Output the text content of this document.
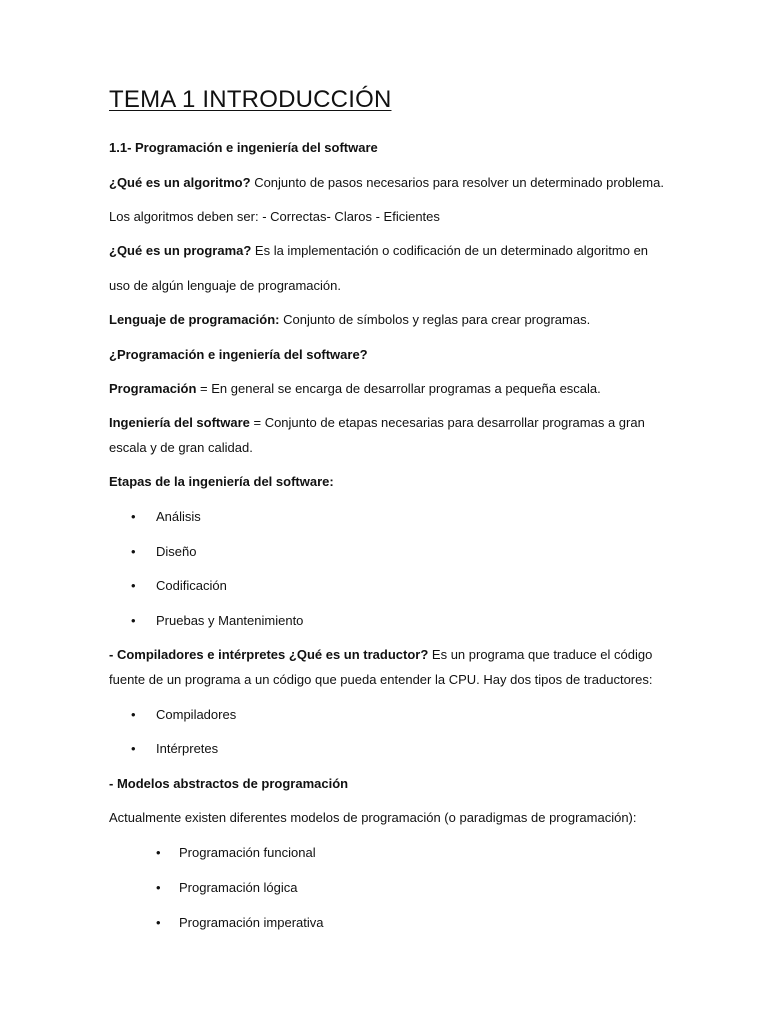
TEMA 1 INTRODUCCIÓN

1.1- Programación e ingeniería del software

¿Qué es un algoritmo? Conjunto de pasos necesarios para resolver un determinado problema.

Los algoritmos deben ser: - Correctas- Claros - Eficientes

¿Qué es un programa? Es la implementación o codificación de un determinado algoritmo en

uso de algún lenguaje de programación.

Lenguaje de programación: Conjunto de símbolos y reglas para crear programas.

¿Programación e ingeniería del software?

Programación = En general se encarga de desarrollar programas a pequeña escala.

Ingeniería del software = Conjunto de etapas necesarias para desarrollar programas a gran

escala y de gran calidad.

Etapas de la ingeniería del software:

• Análisis
• Diseño
• Codificación
• Pruebas y Mantenimiento

- Compiladores e intérpretes ¿Qué es un traductor? Es un programa que traduce el código

fuente de un programa a un código que pueda entender la CPU. Hay dos tipos de traductores:

• Compiladores
• Intérpretes

- Modelos abstractos de programación

Actualmente existen diferentes modelos de programación (o paradigmas de programación):

• Programación funcional
• Programación lógica
• Programación imperativa
